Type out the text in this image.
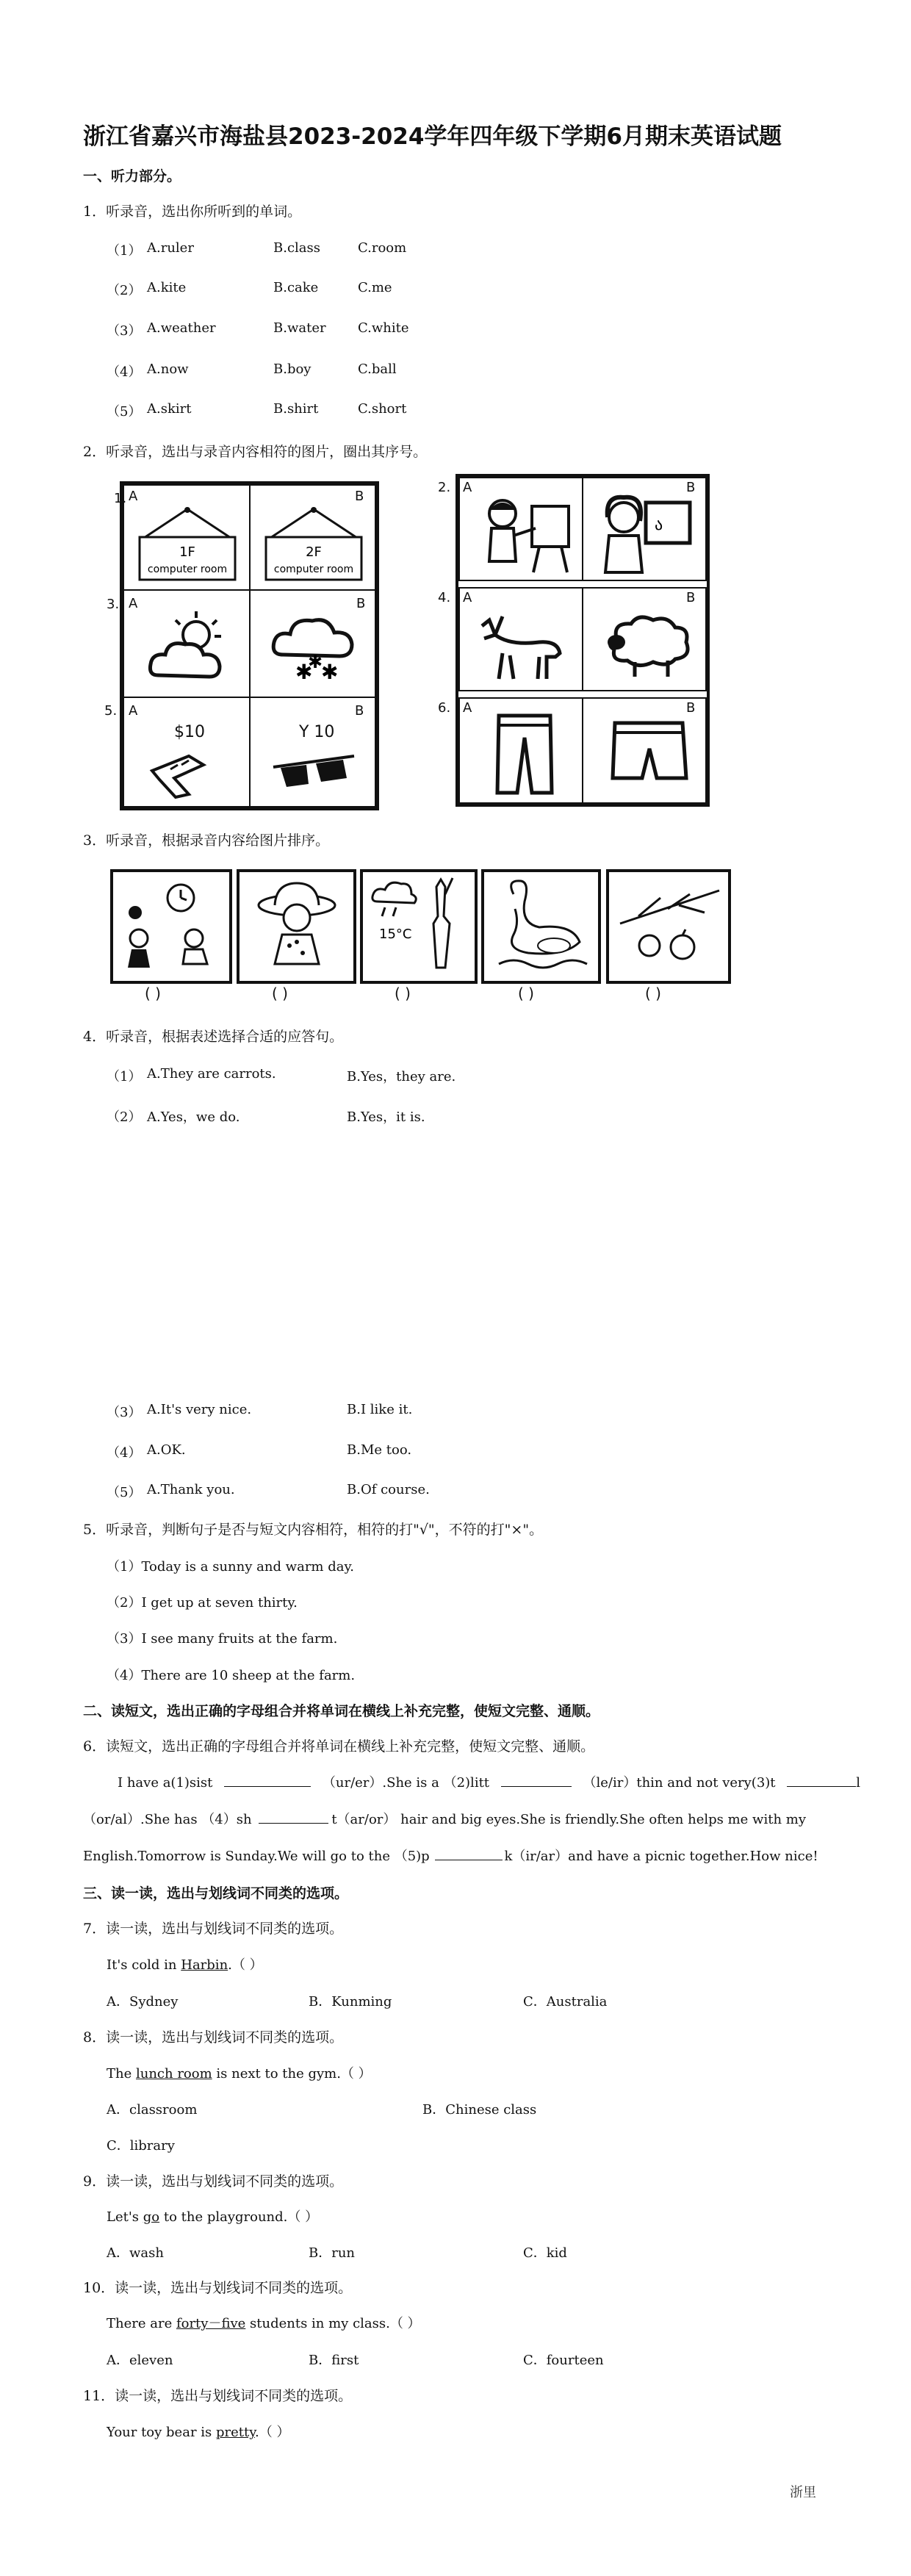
浙江省嘉兴市海盐县2023-2024学年四年级下学期6月期末英语试题
一、听力部分。
1．听录音，选出你所听到的单词。
（1） A.ruler	B.class	C.room
（2） A.kite	B.cake	C.me
（3） A.weather	B.water C.white
（4） A.now	B.boy	C.ball
（5） A.skirt	B.shirt	C.short
2．听录音，选出与录音内容相符的图片，圈出其序号。
A	B
A
A	B
1F
computer room
2F
computer room
✱ ✱
✱
$10	Y 10
1.
3.
5.
B
A	B
A	B
A	B
ა
2.
4.
6.
3．听录音，根据录音内容给图片排序。
15°C
( )	( )	( )	( )	( )
4．听录音，根据表述选择合适的应答句。
（1） A.They are carrots.	B.Yes，they are.
（2） A.Yes，we do.	B.Yes，it is.
（3） A.It's very nice.	B.I like it.
（4） A.OK.	B.Me too.
（5） A.Thank you.	B.Of course.
5．听录音，判断句子是否与短文内容相符，相符的打"√"，不符的打"×"。
（1）Today is a sunny and warm day.
（2）I get up at seven thirty.
（3）I see many fruits at the farm.
（4）There are 10 sheep at the farm.
二、读短文，选出正确的字母组合并将单词在横线上补充完整，使短文完整、通顺。
6．读短文，选出正确的字母组合并将单词在横线上补充完整，使短文完整、通顺。
I have a(1)sist	（ur/er）.She is a （2)litt	（le/ir）thin and not very(3)t	l
（or/al）.She has （4）sh	t（ar/or） hair and big eyes.She is friendly.She often helps me with my
English.Tomorrow is Sunday.We will go to the （5)p	k（ir/ar）and have a picnic together.How nice!
三、读一读，选出与划线词不同类的选项。
7．读一读，选出与划线词不同类的选项。
It's cold in Harbin.（ ）
A．Sydney	B．Kunming	C．Australia
8．读一读，选出与划线词不同类的选项。
The lunch room is next to the gym.（ ）
A．classroom	B．Chinese class
C．library
9．读一读，选出与划线词不同类的选项。
Let's go to the playground.（ ）
A．wash	B．run	C．kid
10．读一读，选出与划线词不同类的选项。
There are forty－five students in my class.（ ）
A．eleven	B．first	C．fourteen
11．读一读，选出与划线词不同类的选项。
Your toy bear is pretty.（ ）
浙里
